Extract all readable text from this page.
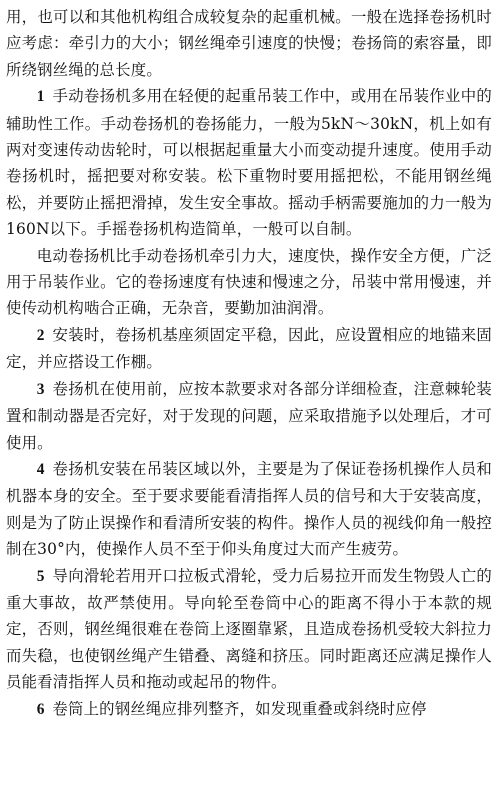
用，也可以和其他机构组合成较复杂的起重机械。一般在选择卷扬机时应考虑：牵引力的大小；钢丝绳牵引速度的快慢；卷扬筒的索容量，即所绕钢丝绳的总长度。

1 手动卷扬机多用在轻便的起重吊装工作中，或用在吊装作业中的辅助性工作。手动卷扬机的卷扬能力，一般为5kN～30kN，机上如有两对变速传动齿轮时，可以根据起重量大小而变动提升速度。使用手动卷扬机时，摇把要对称安装。松下重物时要用摇把松，不能用钢丝绳松，并要防止摇把滑掉，发生安全事故。摇动手柄需要施加的力一般为160N以下。手摇卷扬机构造简单，一般可以自制。

电动卷扬机比手动卷扬机牵引力大，速度快，操作安全方便，广泛用于吊装作业。它的卷扬速度有快速和慢速之分，吊装中常用慢速，并使传动机构啮合正确，无杂音，要勤加油润滑。

2 安装时，卷扬机基座须固定平稳，因此，应设置相应的地锚来固定，并应搭设工作棚。

3 卷扬机在使用前，应按本款要求对各部分详细检查，注意棘轮装置和制动器是否完好，对于发现的问题，应采取措施予以处理后，才可使用。

4 卷扬机安装在吊装区域以外，主要是为了保证卷扬机操作人员和机器本身的安全。至于要求要能看清指挥人员的信号和大于安装高度，则是为了防止误操作和看清所安装的构件。操作人员的视线仰角一般控制在30°内，使操作人员不至于仰头角度过大而产生疲劳。

5 导向滑轮若用开口拉板式滑轮，受力后易拉开而发生物毁人亡的重大事故，故严禁使用。导向轮至卷筒中心的距离不得小于本款的规定，否则，钢丝绳很难在卷筒上逐圈靠紧，且造成卷扬机受较大斜拉力而失稳，也使钢丝绳产生错叠、离缝和挤压。同时距离还应满足操作人员能看清指挥人员和拖动或起吊的物件。

6 卷筒上的钢丝绳应排列整齐，如发现重叠或斜绕时应停
